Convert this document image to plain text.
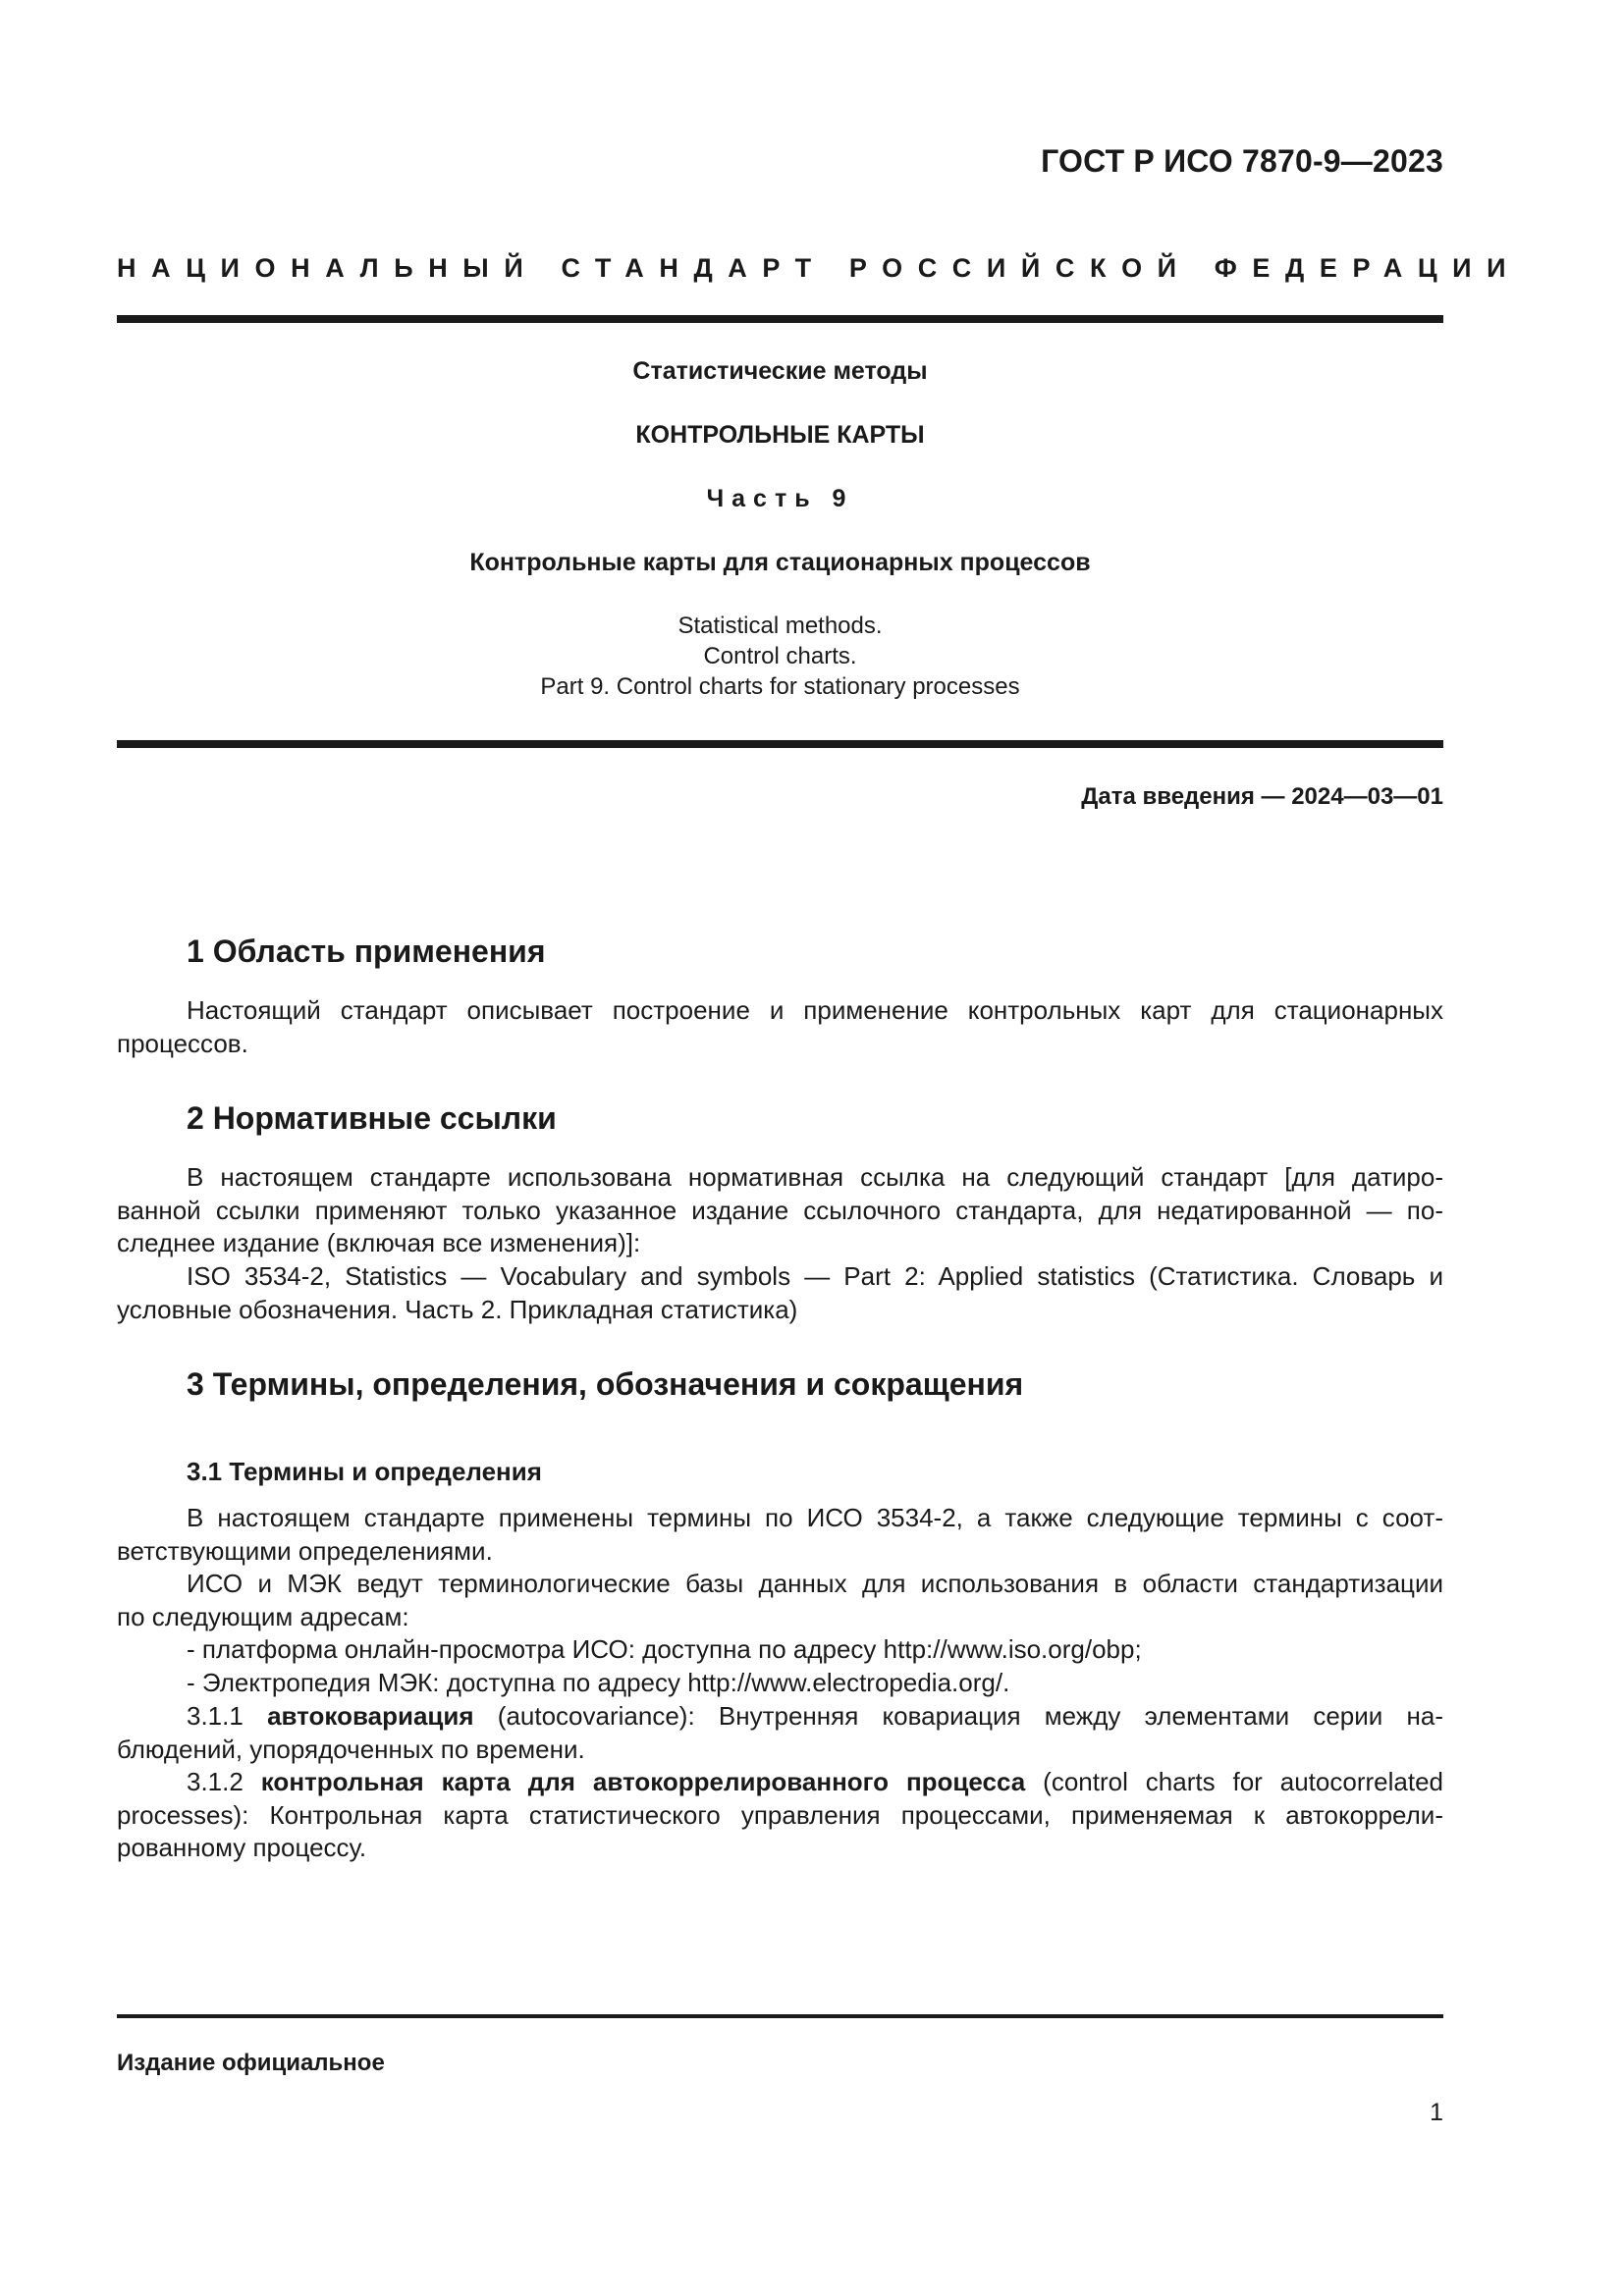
ГОСТ Р ИСО 7870-9—2023
НАЦИОНАЛЬНЫЙ СТАНДАРТ РОССИЙСКОЙ ФЕДЕРАЦИИ
Статистические методы
КОНТРОЛЬНЫЕ КАРТЫ
Часть 9
Контрольные карты для стационарных процессов
Statistical methods.
Control charts.
Part 9. Control charts for stationary processes
Дата введения — 2024—03—01
1 Область применения
Настоящий стандарт описывает построение и применение контрольных карт для стационарных
процессов.
2 Нормативные ссылки
В настоящем стандарте использована нормативная ссылка на следующий стандарт [для датиро-
ванной ссылки применяют только указанное издание ссылочного стандарта, для недатированной — по-
следнее издание (включая все изменения)]:
ISO 3534-2, Statistics — Vocabulary and symbols — Part 2: Applied statistics (Статистика. Словарь и
условные обозначения. Часть 2. Прикладная статистика)
3 Термины, определения, обозначения и сокращения
3.1 Термины и определения
В настоящем стандарте применены термины по ИСО 3534-2, а также следующие термины с соот-
ветствующими определениями.
ИСО и МЭК ведут терминологические базы данных для использования в области стандартизации
по следующим адресам:
- платформа онлайн-просмотра ИСО: доступна по адресу http://www.iso.org/obp;
- Электропедия МЭК: доступна по адресу http://www.electropedia.org/.
3.1.1 автоковариация (autocovariance): Внутренняя ковариация между элементами серии на-
блюдений, упорядоченных по времени.
3.1.2 контрольная карта для автокоррелированного процесса (control charts for autocorrelated
processes): Контрольная карта статистического управления процессами, применяемая к автокоррели-
рованному процессу.
Издание официальное
1
